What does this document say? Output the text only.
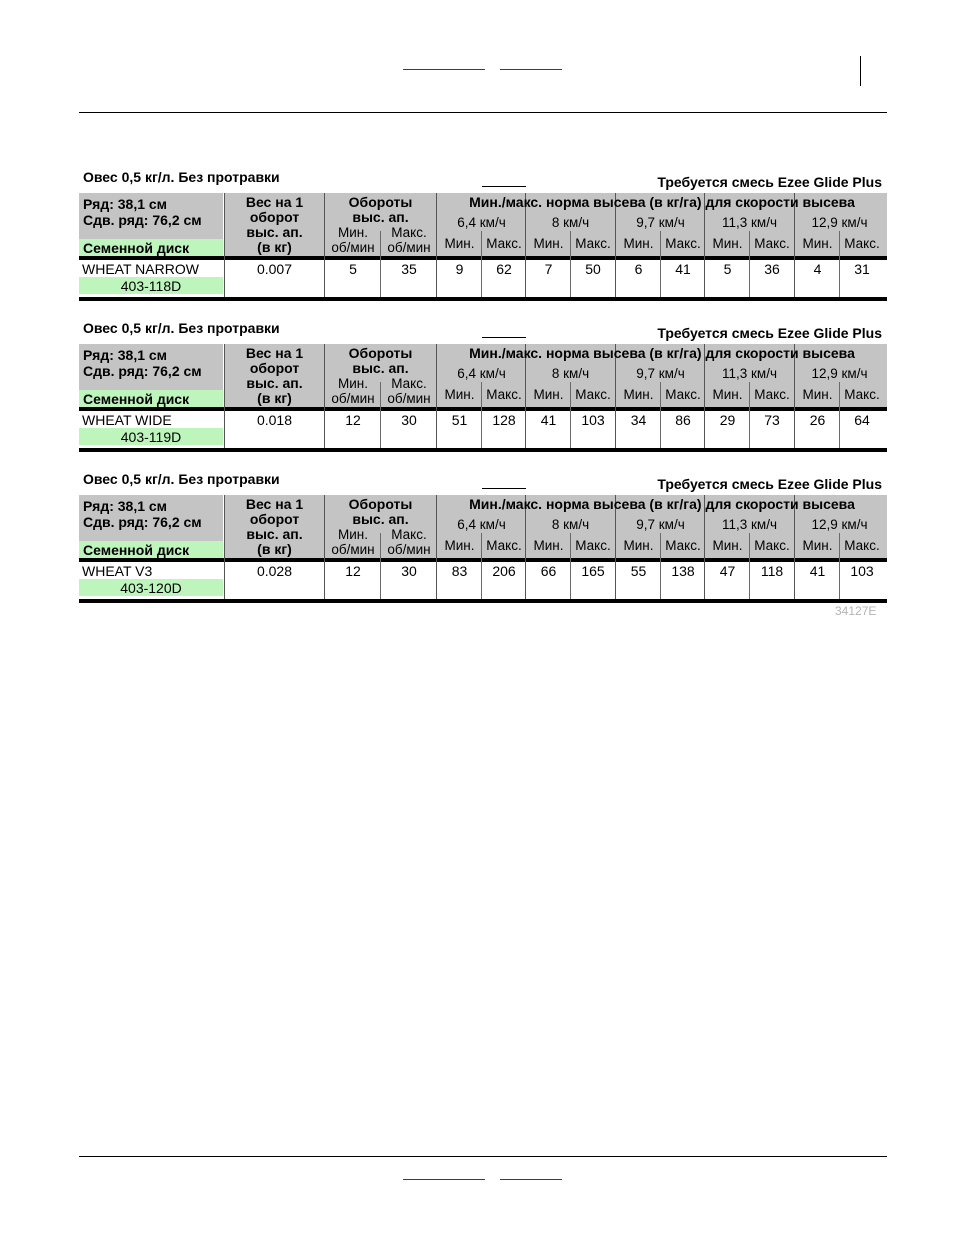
Овес 0,5 кг/л. Без протравки	Требуется смесь Ezee Glide Plus
Ряд: 38,1 см
Сдв. ряд: 76,2 см
Семенной диск
Вес на 1
оборот
выс. ап.
(в кг)
Обороты
выс. ап.
Мин.
об/мин
Макс.
об/мин
Мин./макс. норма высева (в кг/га) для скорости высева
6,4 км/ч
Мин. Макс.
8 км/ч
Мин. Макс.
9,7 км/ч
Мин. Макс.
11,3 км/ч
Мин. Макс.
12,9 км/ч
Мин. Макс.
WHEAT NARROW
403-118D
0.007	5	35	9	62	7	50	6	41	5	36	4	31
Овес 0,5 кг/л. Без протравки	Требуется смесь Ezee Glide Plus
Ряд: 38,1 см
Сдв. ряд: 76,2 см
Семенной диск
Вес на 1
оборот
выс. ап.
(в кг)
Обороты
выс. ап.
Мин.
об/мин
Макс.
об/мин
Мин./макс. норма высева (в кг/га) для скорости высева
6,4 км/ч
Мин. Макс.
8 км/ч
Мин. Макс.
9,7 км/ч
Мин. Макс.
11,3 км/ч
Мин. Макс.
12,9 км/ч
Мин. Макс.
WHEAT WIDE
403-119D
0.018	12	30	51	128	41	103	34	86	29	73	26	64
Овес 0,5 кг/л. Без протравки	Требуется смесь Ezee Glide Plus
Ряд: 38,1 см
Сдв. ряд: 76,2 см
Семенной диск
Вес на 1
оборот
выс. ап.
(в кг)
Обороты
выс. ап.
Мин.
об/мин
Макс.
об/мин
Мин./макс. норма высева (в кг/га) для скорости высева
6,4 км/ч
Мин. Макс.
8 км/ч
Мин. Макс.
9,7 км/ч
Мин. Макс.
11,3 км/ч
Мин. Макс.
12,9 км/ч
Мин. Макс.
WHEAT V3
403-120D
0.028	12	30	83	206	66	165	55	138	47	118	41	103
34127E
